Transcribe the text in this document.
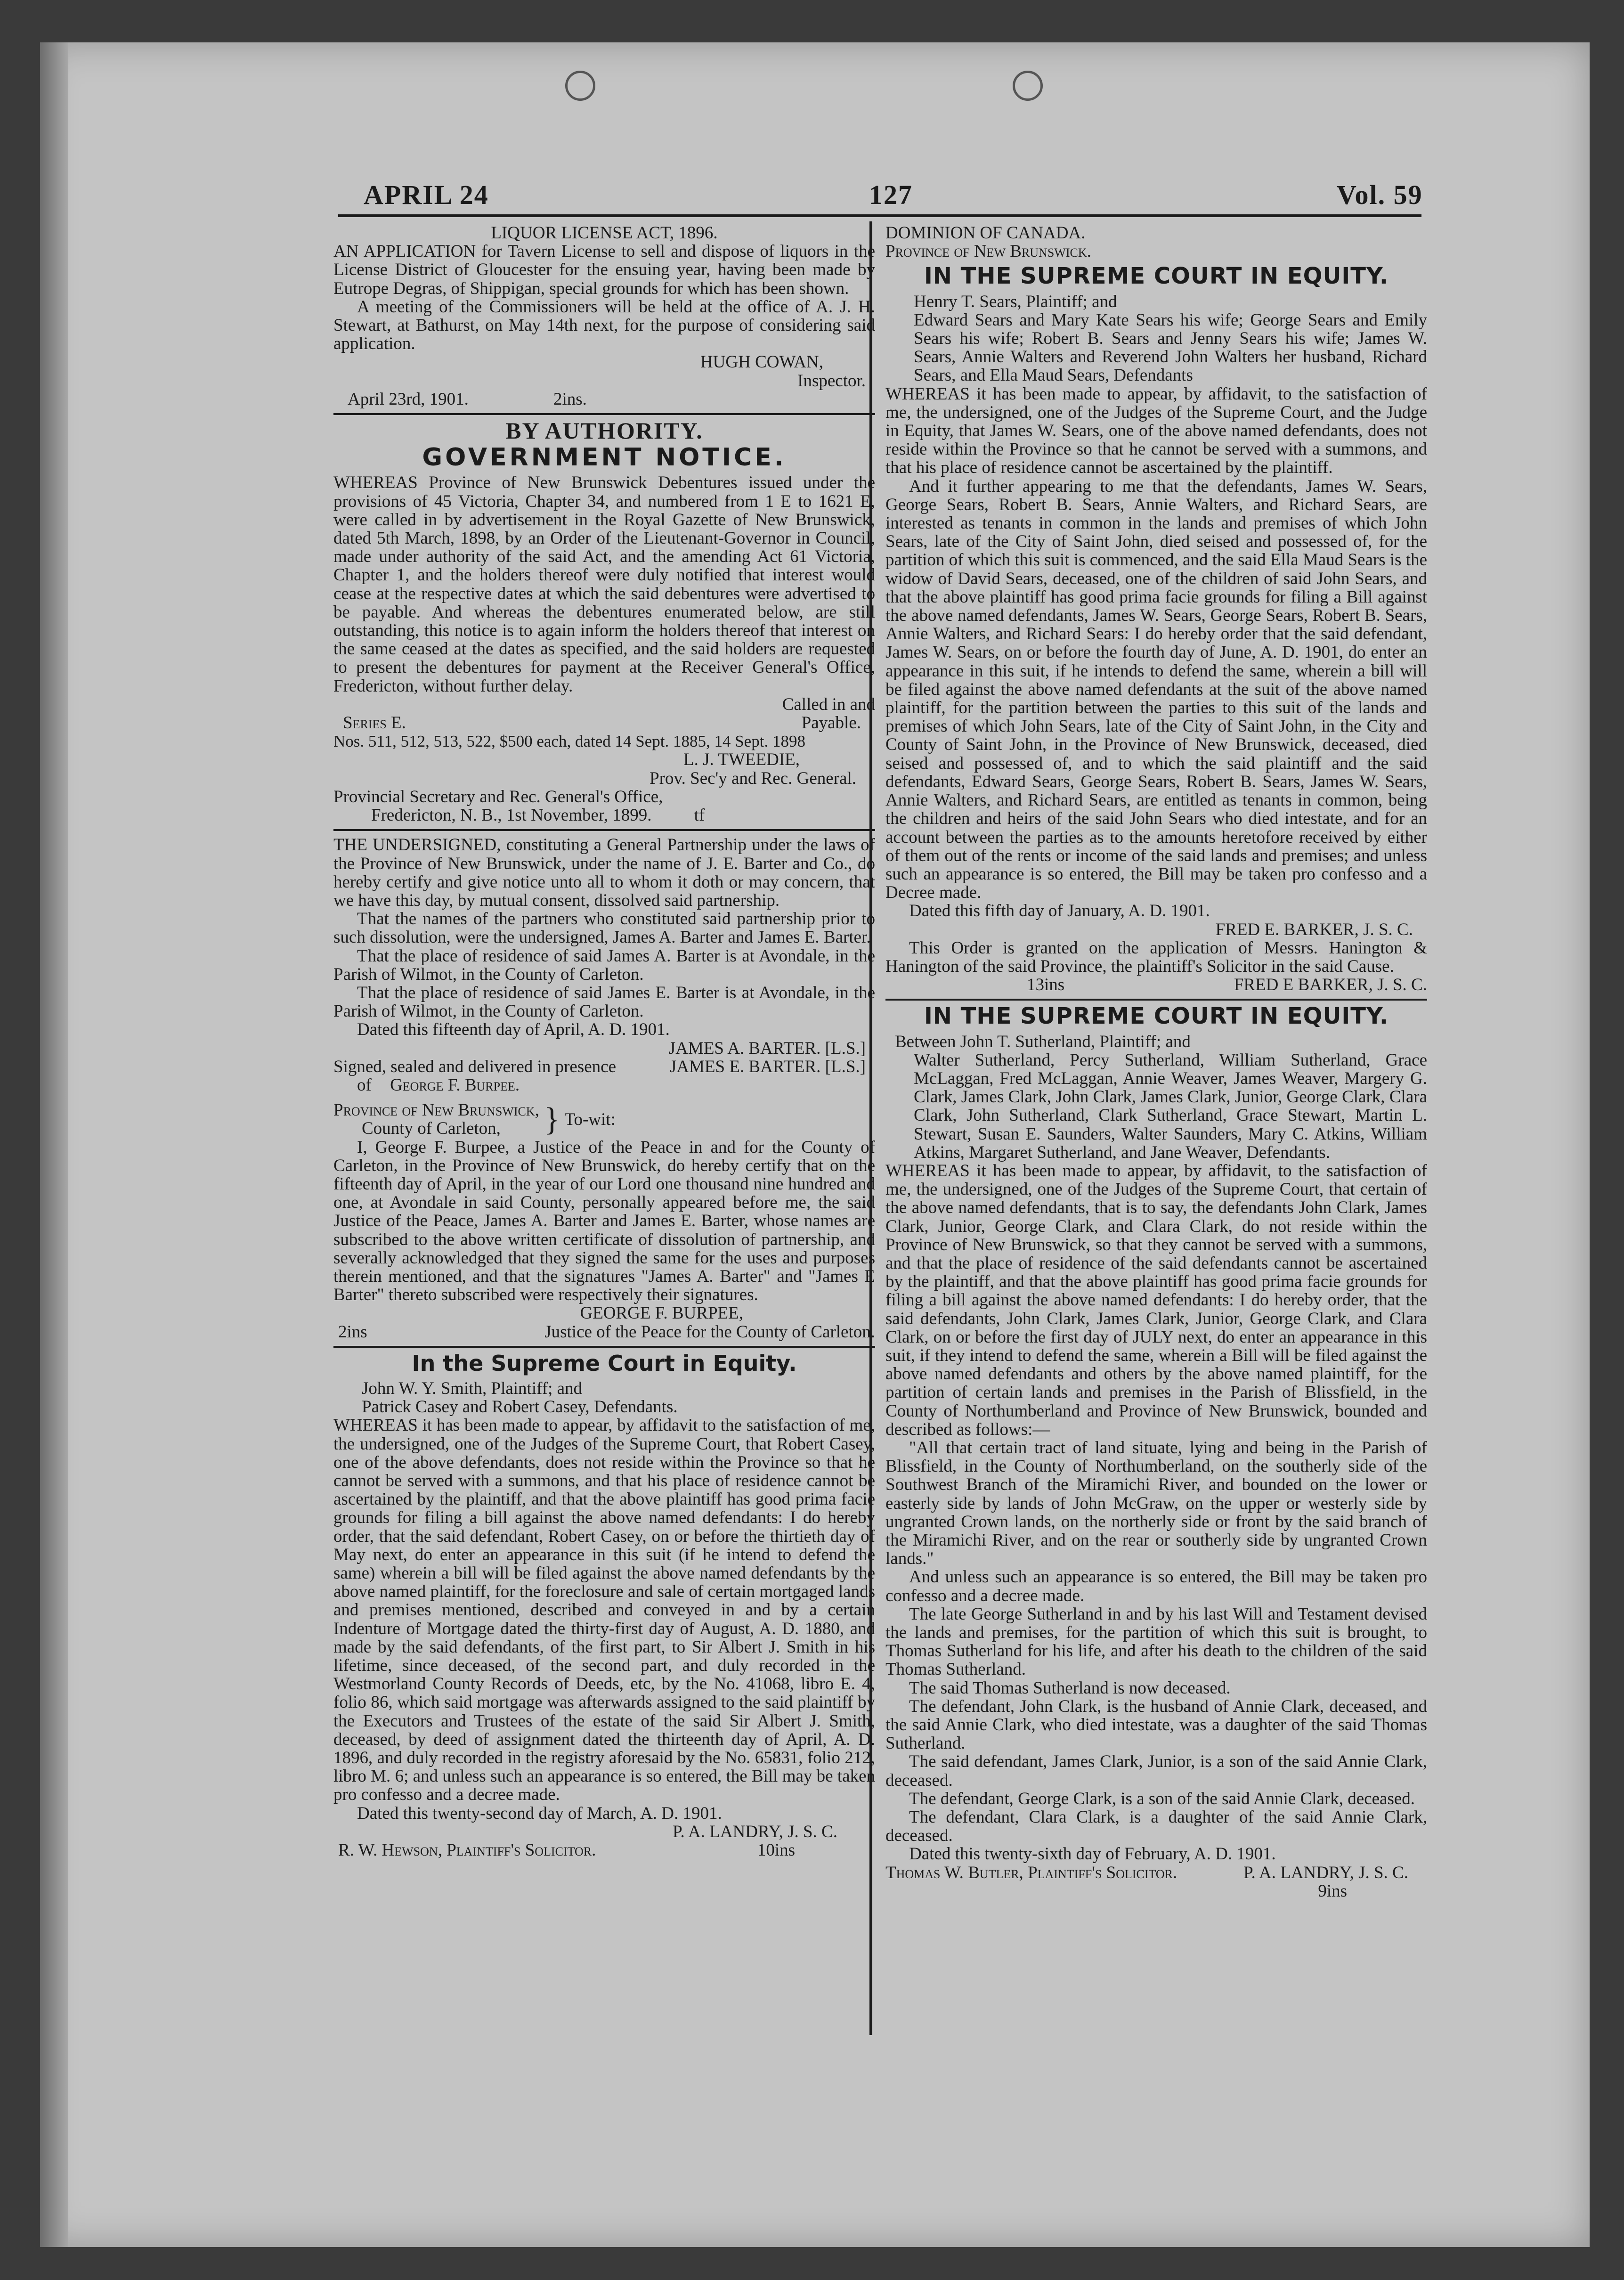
APRIL 24	127	Vol. 59

LIQUOR LICENSE ACT, 1896.

AN APPLICATION for Tavern License to sell and dispose of liquors in the License District of Gloucester for the ensuing year, having been made by Eutrope Degras, of Shippigan, special grounds for which has been shown.

A meeting of the Commissioners will be held at the office of A. J. H. Stewart, at Bathurst, on May 14th next, for the purpose of considering said application.

HUGH COWAN,

Inspector.

April 23rd, 1901.	2ins.

BY AUTHORITY.
GOVERNMENT NOTICE.

WHEREAS Province of New Brunswick Debentures issued under the provisions of 45 Victoria, Chapter 34, and numbered from 1 E to 1621 E, were called in by advertisement in the Royal Gazette of New Brunswick, dated 5th March, 1898, by an Order of the Lieutenant-Governor in Council, made under authority of the said Act, and the amending Act 61 Victoria, Chapter 1, and the holders thereof were duly notified that interest would cease at the respective dates at which the said debentures were advertised to be payable. And whereas the debentures enumerated below, are still outstanding, this notice is to again inform the holders thereof that interest on the same ceased at the dates as specified, and the said holders are requested to present the debentures for payment at the Receiver General's Office, Fredericton, without further delay.

Called in and

Series E.	Payable.

Nos. 511, 512, 513, 522, $500 each, dated 14 Sept. 1885, 14 Sept. 1898

L. J. TWEEDIE,

Prov. Sec'y and Rec. General.

Provincial Secretary and Rec. General's Office,

Fredericton, N. B., 1st November, 1899. tf

THE UNDERSIGNED, constituting a General Partnership under the laws of the Province of New Brunswick, under the name of J. E. Barter and Co., do hereby certify and give notice unto all to whom it doth or may concern, that we have this day, by mutual consent, dissolved said partnership.

That the names of the partners who constituted said partnership prior to such dissolution, were the undersigned, James A. Barter and James E. Barter.

That the place of residence of said James A. Barter is at Avondale, in the Parish of Wilmot, in the County of Carleton.

That the place of residence of said James E. Barter is at Avondale, in the Parish of Wilmot, in the County of Carleton.

Dated this fifteenth day of April, A. D. 1901.

JAMES A. BARTER. [L.S.]

Signed, sealed and delivered in presence	JAMES E. BARTER. [L.S.]

of George F. Burpee.

Province of New Brunswick,
County of Carleton,	} To-wit:

I, George F. Burpee, a Justice of the Peace in and for the County of Carleton, in the Province of New Brunswick, do hereby certify that on the fifteenth day of April, in the year of our Lord one thousand nine hundred and one, at Avondale in said County, personally appeared before me, the said Justice of the Peace, James A. Barter and James E. Barter, whose names are subscribed to the above written certificate of dissolution of partnership, and severally acknowledged that they signed the same for the uses and purposes therein mentioned, and that the signatures "James A. Barter" and "James E Barter" thereto subscribed were respectively their signatures.

GEORGE F. BURPEE,

2ins	Justice of the Peace for the County of Carleton.
In the Supreme Court in Equity.

John W. Y. Smith, Plaintiff; and

Patrick Casey and Robert Casey, Defendants.

WHEREAS it has been made to appear, by affidavit to the satisfaction of me, the undersigned, one of the Judges of the Supreme Court, that Robert Casey, one of the above defendants, does not reside within the Province so that he cannot be served with a summons, and that his place of residence cannot be ascertained by the plaintiff, and that the above plaintiff has good prima facie grounds for filing a bill against the above named defendants: I do hereby order, that the said defendant, Robert Casey, on or before the thirtieth day of May next, do enter an appearance in this suit (if he intend to defend the same) wherein a bill will be filed against the above named defendants by the above named plaintiff, for the foreclosure and sale of certain mortgaged lands and premises mentioned, described and conveyed in and by a certain Indenture of Mortgage dated the thirty-first day of August, A. D. 1880, and made by the said defendants, of the first part, to Sir Albert J. Smith in his lifetime, since deceased, of the second part, and duly recorded in the Westmorland County Records of Deeds, etc, by the No. 41068, libro E. 4, folio 86, which said mortgage was afterwards assigned to the said plaintiff by the Executors and Trustees of the estate of the said Sir Albert J. Smith, deceased, by deed of assignment dated the thirteenth day of April, A. D. 1896, and duly recorded in the registry aforesaid by the No. 65831, folio 212, libro M. 6; and unless such an appearance is so entered, the Bill may be taken pro confesso and a decree made.

Dated this twenty-second day of March, A. D. 1901.

P. A. LANDRY, J. S. C.

R. W. Hewson, Plaintiff's Solicitor.	10ins

DOMINION OF CANADA.

Province of New Brunswick.

IN THE SUPREME COURT IN EQUITY.

Henry T. Sears, Plaintiff; and

Edward Sears and Mary Kate Sears his wife; George Sears and Emily Sears his wife; Robert B. Sears and Jenny Sears his wife; James W. Sears, Annie Walters and Reverend John Walters her husband, Richard Sears, and Ella Maud Sears, Defendants

WHEREAS it has been made to appear, by affidavit, to the satisfaction of me, the undersigned, one of the Judges of the Supreme Court, and the Judge in Equity, that James W. Sears, one of the above named defendants, does not reside within the Province so that he cannot be served with a summons, and that his place of residence cannot be ascertained by the plaintiff.

And it further appearing to me that the defendants, James W. Sears, George Sears, Robert B. Sears, Annie Walters, and Richard Sears, are interested as tenants in common in the lands and premises of which John Sears, late of the City of Saint John, died seised and possessed of, for the partition of which this suit is commenced, and the said Ella Maud Sears is the widow of David Sears, deceased, one of the children of said John Sears, and that the above plaintiff has good prima facie grounds for filing a Bill against the above named defendants, James W. Sears, George Sears, Robert B. Sears, Annie Walters, and Richard Sears: I do hereby order that the said defendant, James W. Sears, on or before the fourth day of June, A. D. 1901, do enter an appearance in this suit, if he intends to defend the same, wherein a bill will be filed against the above named defendants at the suit of the above named plaintiff, for the partition between the parties to this suit of the lands and premises of which John Sears, late of the City of Saint John, in the City and County of Saint John, in the Province of New Brunswick, deceased, died seised and possessed of, and to which the said plaintiff and the said defendants, Edward Sears, George Sears, Robert B. Sears, James W. Sears, Annie Walters, and Richard Sears, are entitled as tenants in common, being the children and heirs of the said John Sears who died intestate, and for an account between the parties as to the amounts heretofore received by either of them out of the rents or income of the said lands and premises; and unless such an appearance is so entered, the Bill may be taken pro confesso and a Decree made.

Dated this fifth day of January, A. D. 1901.

FRED E. BARKER, J. S. C.

This Order is granted on the application of Messrs. Hanington & Hanington of the said Province, the plaintiff's Solicitor in the said Cause.

13ins	FRED E BARKER, J. S. C.
IN THE SUPREME COURT IN EQUITY.

Between John T. Sutherland, Plaintiff; and

Walter Sutherland, Percy Sutherland, William Sutherland, Grace McLaggan, Fred McLaggan, Annie Weaver, James Weaver, Margery G. Clark, James Clark, John Clark, James Clark, Junior, George Clark, Clara Clark, John Sutherland, Clark Sutherland, Grace Stewart, Martin L. Stewart, Susan E. Saunders, Walter Saunders, Mary C. Atkins, William Atkins, Margaret Sutherland, and Jane Weaver, Defendants.

WHEREAS it has been made to appear, by affidavit, to the satisfaction of me, the undersigned, one of the Judges of the Supreme Court, that certain of the above named defendants, that is to say, the defendants John Clark, James Clark, Junior, George Clark, and Clara Clark, do not reside within the Province of New Brunswick, so that they cannot be served with a summons, and that the place of residence of the said defendants cannot be ascertained by the plaintiff, and that the above plaintiff has good prima facie grounds for filing a bill against the above named defendants: I do hereby order, that the said defendants, John Clark, James Clark, Junior, George Clark, and Clara Clark, on or before the first day of JULY next, do enter an appearance in this suit, if they intend to defend the same, wherein a Bill will be filed against the above named defendants and others by the above named plaintiff, for the partition of certain lands and premises in the Parish of Blissfield, in the County of Northumberland and Province of New Brunswick, bounded and described as follows:—

"All that certain tract of land situate, lying and being in the Parish of Blissfield, in the County of Northumberland, on the southerly side of the Southwest Branch of the Miramichi River, and bounded on the lower or easterly side by lands of John McGraw, on the upper or westerly side by ungranted Crown lands, on the northerly side or front by the said branch of the Miramichi River, and on the rear or southerly side by ungranted Crown lands."

And unless such an appearance is so entered, the Bill may be taken pro confesso and a decree made.

The late George Sutherland in and by his last Will and Testament devised the lands and premises, for the partition of which this suit is brought, to Thomas Sutherland for his life, and after his death to the children of the said Thomas Sutherland.

The said Thomas Sutherland is now deceased.

The defendant, John Clark, is the husband of Annie Clark, deceased, and the said Annie Clark, who died intestate, was a daughter of the said Thomas Sutherland.

The said defendant, James Clark, Junior, is a son of the said Annie Clark, deceased.

The defendant, George Clark, is a son of the said Annie Clark, deceased.

The defendant, Clara Clark, is a daughter of the said Annie Clark, deceased.

Dated this twenty-sixth day of February, A. D. 1901.

Thomas W. Butler, Plaintiff's Solicitor.	P. A. LANDRY, J. S. C.

9ins
